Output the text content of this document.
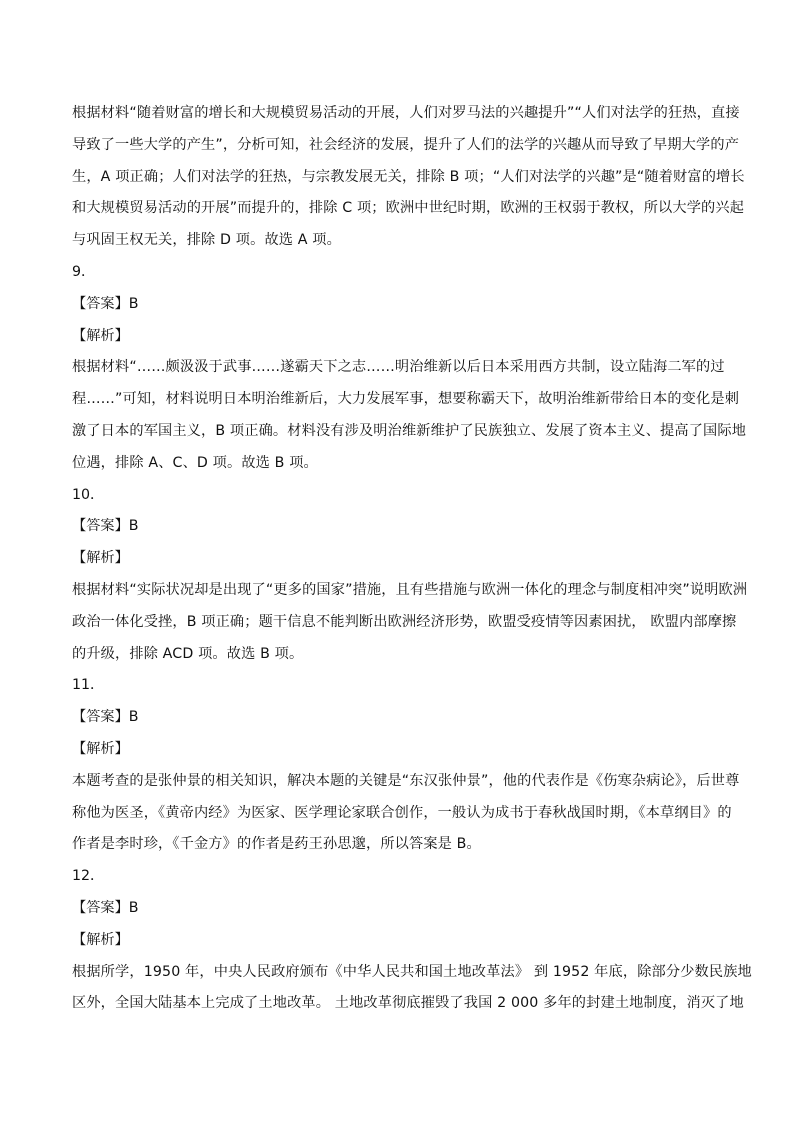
根据材料“随着财富的增长和大规模贸易活动的开展，人们对罗马法的兴趣提升”“人们对法学的狂热，直接
导致了一些大学的产生”，分析可知，社会经济的发展，提升了人们的法学的兴趣从而导致了早期大学的产
生，A 项正确；人们对法学的狂热，与宗教发展无关，排除 B 项；“人们对法学的兴趣”是“随着财富的增长
和大规模贸易活动的开展”而提升的，排除 C 项；欧洲中世纪时期，欧洲的王权弱于教权，所以大学的兴起
与巩固王权无关，排除 D 项。故选 A 项。
9．
【答案】B
【解析】
根据材料“……颇汲汲于武事……遂霸天下之志……明治维新以后日本采用西方共制，设立陆海二军的过
程……”可知，材料说明日本明治维新后，大力发展军事，想要称霸天下，故明治维新带给日本的变化是刺
激了日本的军国主义，B 项正确。材料没有涉及明治维新维护了民族独立、发展了资本主义、提高了国际地
位遇，排除 A、C、D 项。故选 B 项。
10．
【答案】B
【解析】
根据材料“实际状况却是出现了“更多的国家”措施，且有些措施与欧洲一体化的理念与制度相冲突”说明欧洲
政治一体化受挫，B 项正确；题干信息不能判断出欧洲经济形势，欧盟受疫情等因素困扰， 欧盟内部摩擦
的升级，排除 ACD 项。故选 B 项。
11．
【答案】B
【解析】
本题考查的是张仲景的相关知识，解决本题的关键是“东汉张仲景”，他的代表作是《伤寒杂病论》，后世尊
称他为医圣，《黄帝内经》为医家、医学理论家联合创作，一般认为成书于春秋战国时期，《本草纲目》的
作者是李时珍，《千金方》的作者是药王孙思邈，所以答案是 B。
12．
【答案】B
【解析】
根据所学，1950 年，中央人民政府颁布《中华人民共和国土地改革法》 到 1952 年底，除部分少数民族地
区外，全国大陆基本上完成了土地改革。 土地改革彻底摧毁了我国 2 000 多年的封建土地制度，消灭了地
